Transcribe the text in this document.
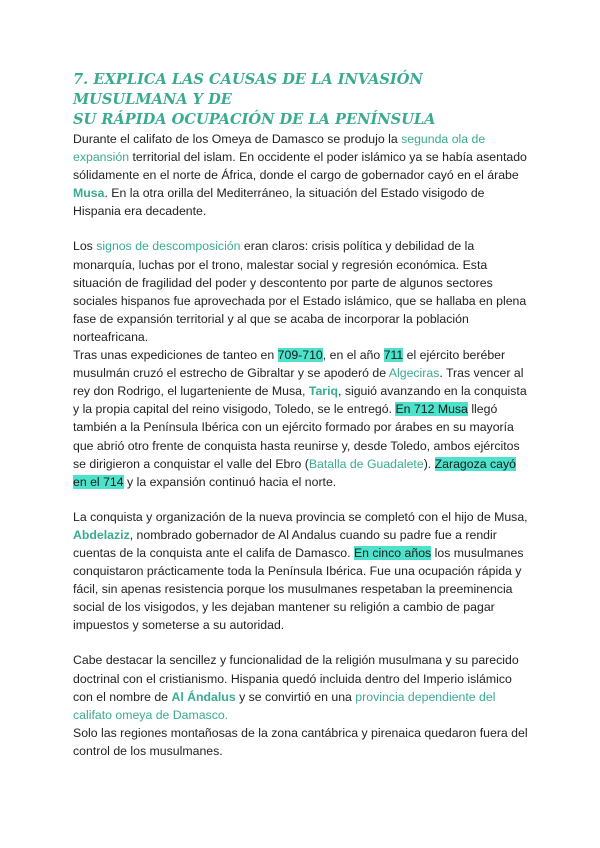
7. EXPLICA LAS CAUSAS DE LA INVASIÓN MUSULMANA Y DE
SU RÁPIDA OCUPACIÓN DE LA PENÍNSULA

Durante el califato de los Omeya de Damasco se produjo la segunda ola de expansión territorial del islam. En occidente el poder islámico ya se había asentado sólidamente en el norte de África, donde el cargo de gobernador cayó en el árabe Musa. En la otra orilla del Mediterráneo, la situación del Estado visigodo de Hispania era decadente.

Los signos de descomposición eran claros: crisis política y debilidad de la monarquía, luchas por el trono, malestar social y regresión económica. Esta situación de fragilidad del poder y descontento por parte de algunos sectores sociales hispanos fue aprovechada por el Estado islámico, que se hallaba en plena fase de expansión territorial y al que se acaba de incorporar la población norteafricana.

Tras unas expediciones de tanteo en 709-710, en el año 711 el ejército beréber musulmán cruzó el estrecho de Gibraltar y se apoderó de Algeciras. Tras vencer al rey don Rodrigo, el lugarteniente de Musa, Tariq, siguió avanzando en la conquista y la propia capital del reino visigodo, Toledo, se le entregó. En 712 Musa llegó también a la Península Ibérica con un ejército formado por árabes en su mayoría que abrió otro frente de conquista hasta reunirse y, desde Toledo, ambos ejércitos se dirigieron a conquistar el valle del Ebro (Batalla de Guadalete). Zaragoza cayó en el 714 y la expansión continuó hacia el norte.

La conquista y organización de la nueva provincia se completó con el hijo de Musa, Abdelaziz, nombrado gobernador de Al Andalus cuando su padre fue a rendir cuentas de la conquista ante el califa de Damasco. En cinco años los musulmanes conquistaron prácticamente toda la Península Ibérica. Fue una ocupación rápida y fácil, sin apenas resistencia porque los musulmanes respetaban la preeminencia social de los visigodos, y les dejaban mantener su religión a cambio de pagar impuestos y someterse a su autoridad.

Cabe destacar la sencillez y funcionalidad de la religión musulmana y su parecido doctrinal con el cristianismo. Hispania quedó incluida dentro del Imperio islámico con el nombre de Al Ándalus y se convirtió en una provincia dependiente del califato omeya de Damasco.

Solo las regiones montañosas de la zona cantábrica y pirenaica quedaron fuera del control de los musulmanes.
